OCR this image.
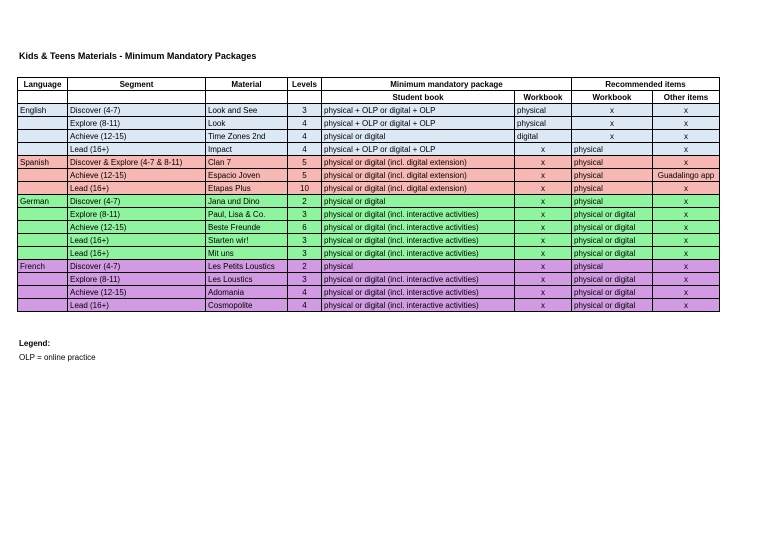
Kids & Teens Materials - Minimum Mandatory Packages
Language	Segment	Material	Levels	Minimum mandatory package		Recommended items	
				Student book	Workbook	Workbook	Other items
English	Discover (4-7)	Look and See	3	physical + OLP or digital + OLP	physical	x	x
	Explore (8-11)	Look	4	physical + OLP or digital + OLP	physical	x	x
	Achieve (12-15)	Time Zones 2nd	4	physical or digital	digital	x	x
	Lead (16+)	Impact	4	physical + OLP or digital + OLP	x	physical	x
Spanish	Discover & Explore (4-7 & 8-11)	Clan 7	5	physical or digital (incl. digital extension)	x	physical	x
	Achieve (12-15)	Espacio Joven	5	physical or digital (incl. digital extension)	x	physical	Guadalingo app
	Lead (16+)	Etapas Plus	10	physical or digital (incl. digital extension)	x	physical	x
German	Discover (4-7)	Jana und Dino	2	physical or digital	x	physical	x
	Explore (8-11)	Paul, Lisa & Co.	3	physical or digital (incl. interactive activities)	x	physical or digital	x
	Achieve (12-15)	Beste Freunde	6	physical or digital (incl. interactive activities)	x	physical or digital	x
	Lead (16+)	Starten wir!	3	physical or digital (incl. interactive activities)	x	physical or digital	x
	Lead (16+)	Mit uns	3	physical or digital (incl. interactive activities)	x	physical or digital	x
French	Discover (4-7)	Les Petits Loustics	2	physical	x	physical	x
	Explore (8-11)	Les Loustics	3	physical or digital (incl. interactive activities)	x	physical or digital	x
	Achieve (12-15)	Adomania	4	physical or digital (incl. interactive activities)	x	physical or digital	x
	Lead (16+)	Cosmopolite	4	physical or digital (incl. interactive activities)	x	physical or digital	x
Legend:
OLP = online practice
